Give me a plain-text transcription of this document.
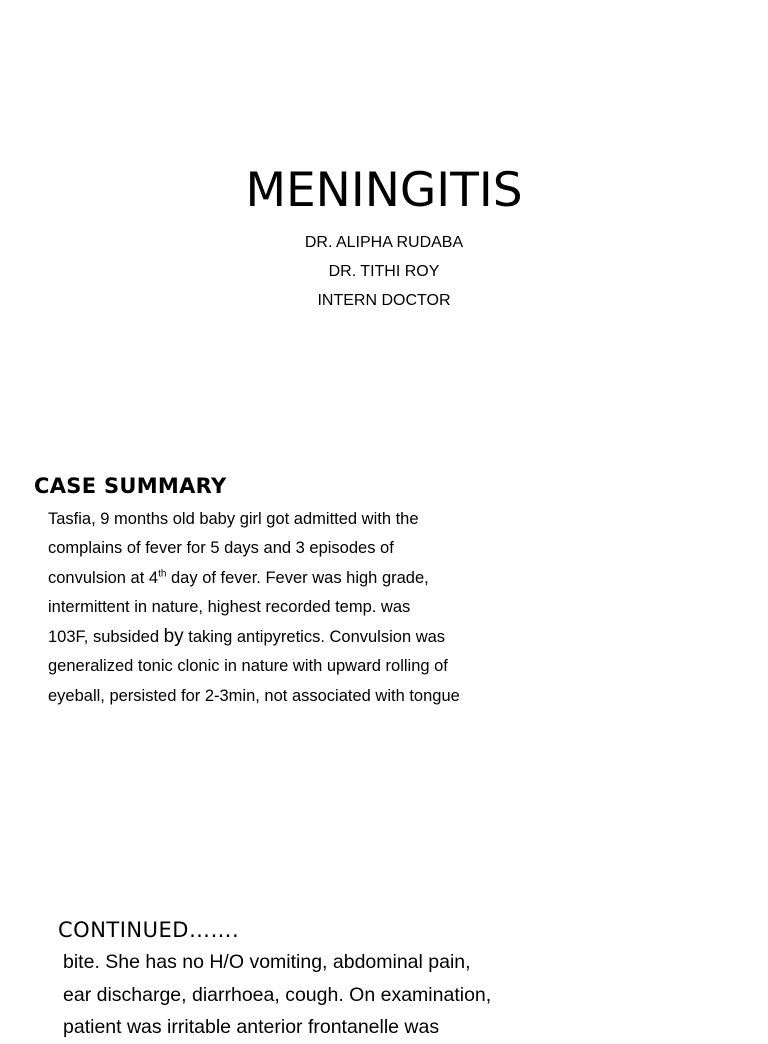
MENINGITIS
DR. ALIPHA RUDABA
DR. TITHI ROY
INTERN DOCTOR
CASE SUMMARY
Tasfia, 9 months old baby girl got admitted with the
complains of fever for 5 days and 3 episodes of
convulsion at 4th day of fever. Fever was high grade,
intermittent in nature, highest recorded temp. was
103F, subsided by taking antipyretics. Convulsion was
generalized tonic clonic in nature with upward rolling of
eyeball, persisted for 2-3min, not associated with tongue
CONTINUED…….
bite. She has no H/O vomiting, abdominal pain,
ear discharge, diarrhoea, cough. On examination,
patient was irritable anterior frontanelle was
